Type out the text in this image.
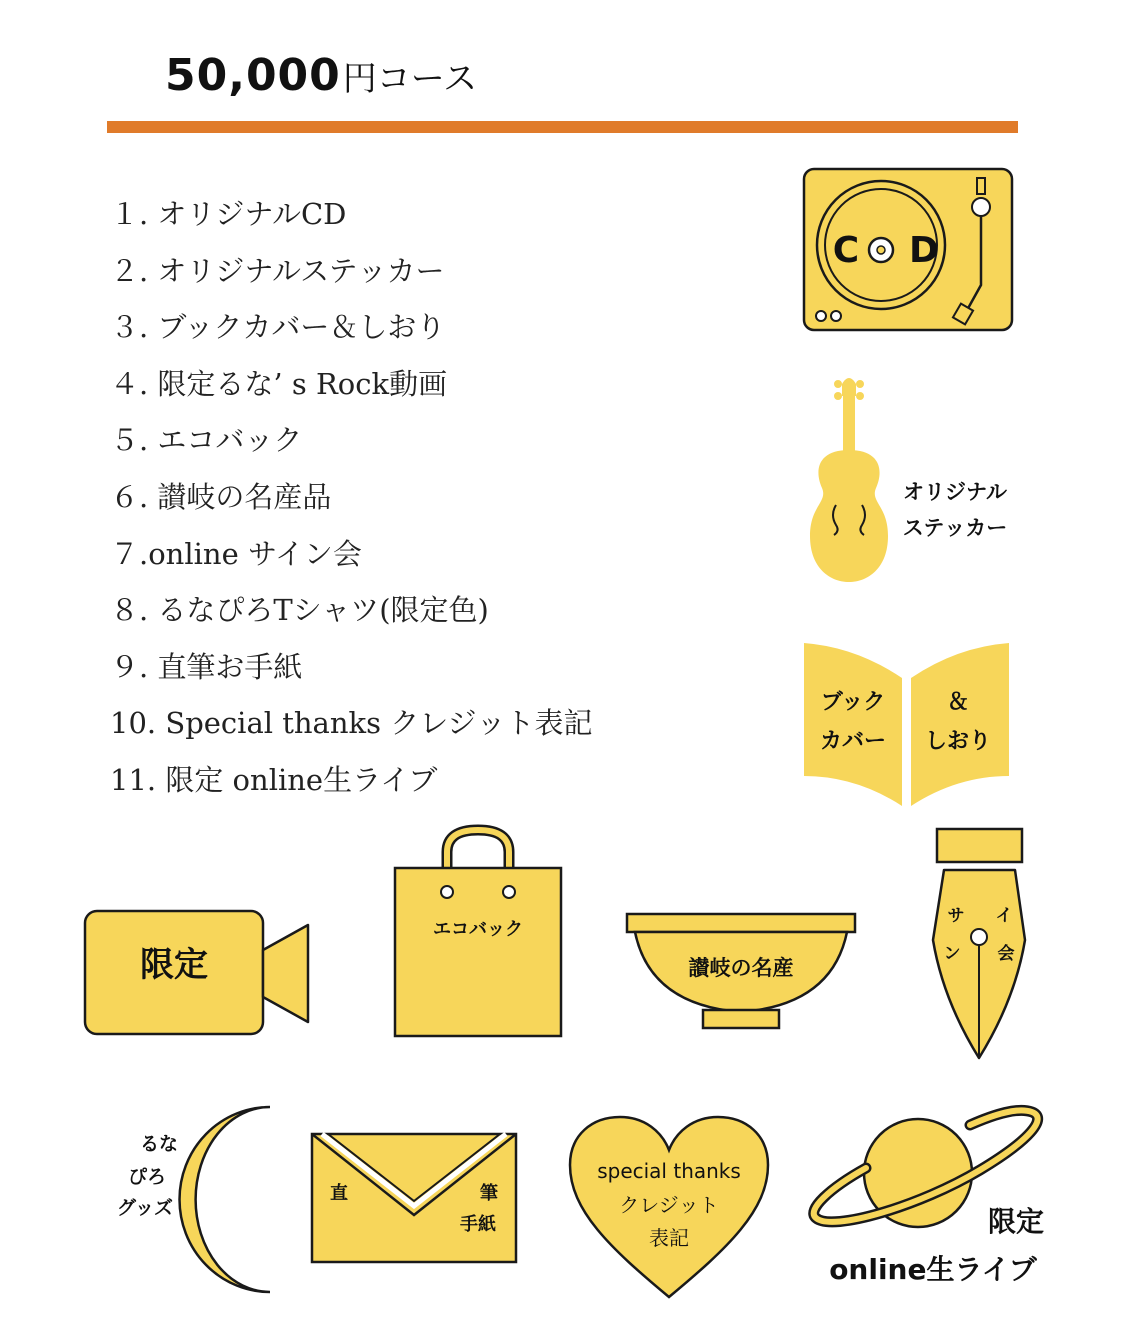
50,000 円コース
１. オリジナルCD
２. オリジナルステッカー
３. ブックカバー＆しおり
４. 限定るな’ s Rock動画
５. エコバック
６. 讃岐の名産品
７.online サイン会
８. るなぴろTシャツ(限定色)
９. 直筆お手紙
10. Special thanks クレジット表記
11. 限定 online生ライブ
C D
オリジナル
ステッカー
ブック
カバー
＆
しおり
限定
エコバック
讃岐の名産
サ
ン
イ
会
るな
ぴろ
グッズ
直	筆
手紙
special thanks
クレジット
表記	限定
online生ライブ
